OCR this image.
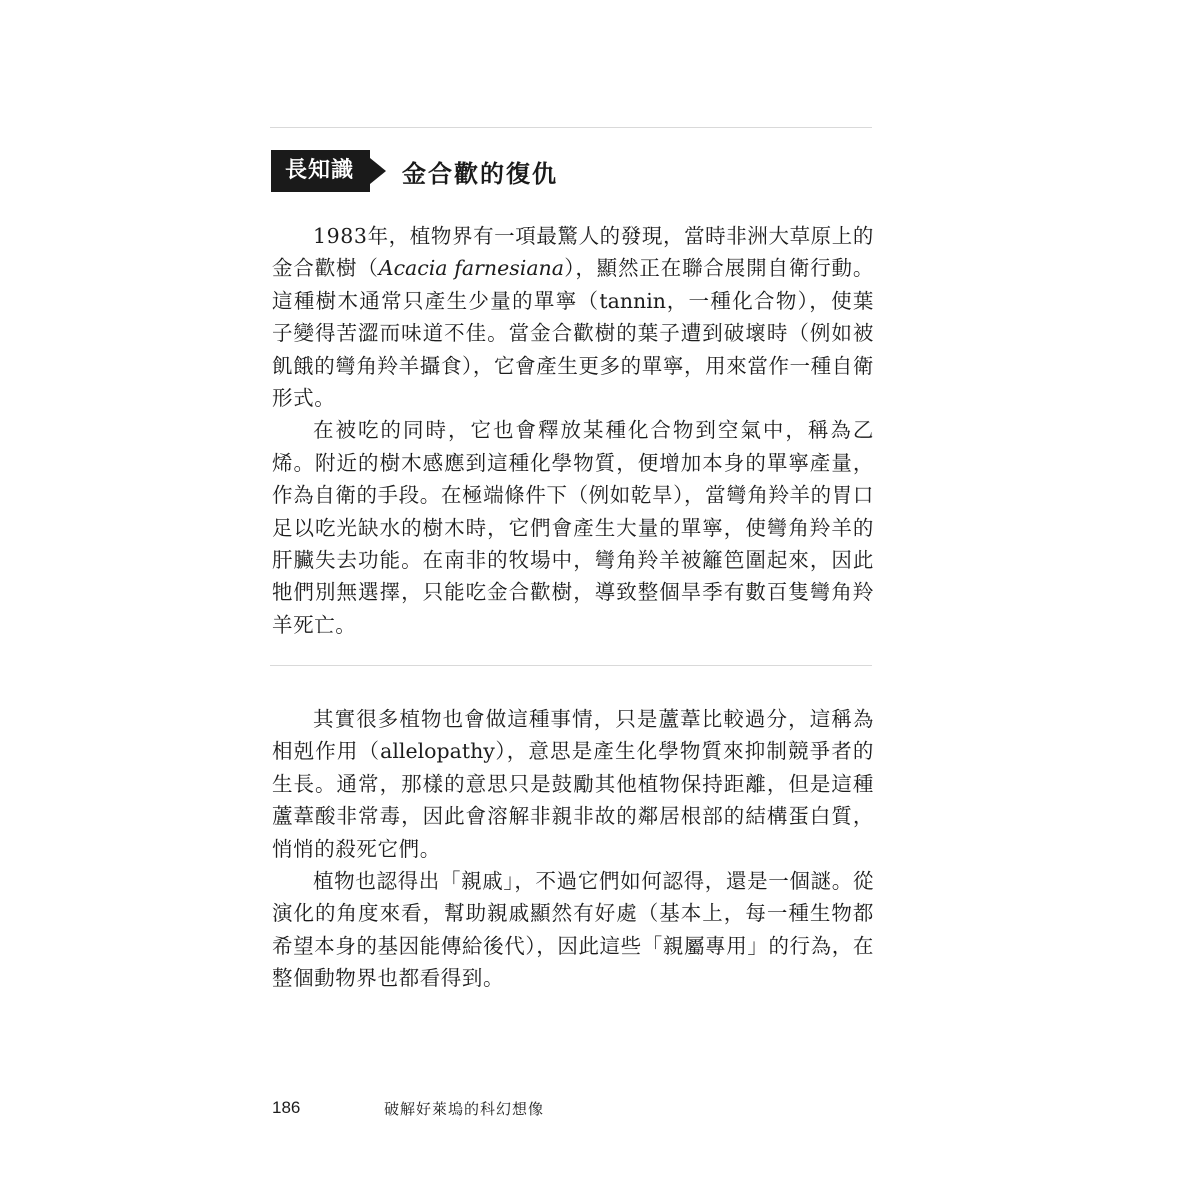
長知識	金合歡的復仇

1983年，植物界有一項最驚人的發現，當時非洲大草原上的金合歡樹（Acacia farnesiana），顯然正在聯合展開自衛行動。這種樹木通常只產生少量的單寧（tannin，一種化合物），使葉子變得苦澀而味道不佳。當金合歡樹的葉子遭到破壞時（例如被飢餓的彎角羚羊攝食），它會產生更多的單寧，用來當作一種自衛形式。

在被吃的同時，它也會釋放某種化合物到空氣中，稱為乙烯。附近的樹木感應到這種化學物質，便增加本身的單寧產量，作為自衛的手段。在極端條件下（例如乾旱），當彎角羚羊的胃口足以吃光缺水的樹木時，它們會產生大量的單寧，使彎角羚羊的肝臟失去功能。在南非的牧場中，彎角羚羊被籬笆圍起來，因此牠們別無選擇，只能吃金合歡樹，導致整個旱季有數百隻彎角羚羊死亡。

其實很多植物也會做這種事情，只是蘆葦比較過分，這稱為相剋作用（allelopathy），意思是產生化學物質來抑制競爭者的生長。通常，那樣的意思只是鼓勵其他植物保持距離，但是這種蘆葦酸非常毒，因此會溶解非親非故的鄰居根部的結構蛋白質，悄悄的殺死它們。

植物也認得出「親戚」，不過它們如何認得，還是一個謎。從演化的角度來看，幫助親戚顯然有好處（基本上，每一種生物都希望本身的基因能傳給後代），因此這些「親屬專用」的行為，在整個動物界也都看得到。

186	破解好萊塢的科幻想像
